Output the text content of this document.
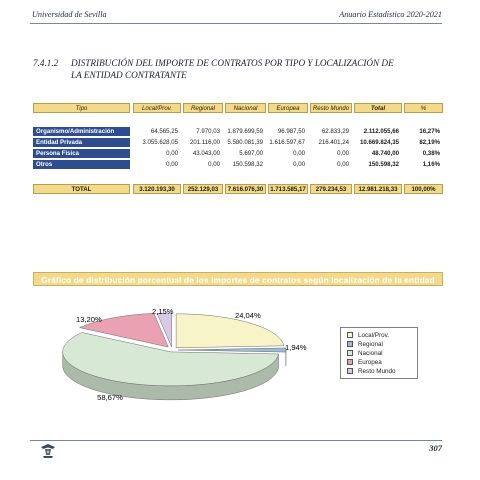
Universidad de Sevilla	Anuario Estadístico 2020-2021
7.4.1.2 DISTRIBUCIÓN DEL IMPORTE DE CONTRATOS POR TIPO Y LOCALIZACIÓN DE LA ENTIDAD CONTRATANTE
Tipo	Local/Prov.	Regional	Nacional	Europea	Resto Mundo	Total	%
Organismo/Administración	64.565,25	7.970,03	1.879.699,59	96.987,50	62.833,29	2.112.055,66	16,27%
Entidad Privada	3.055.628,05	201.116,00	5.580.081,39	1.616.597,67	216.401,24	10.669.824,35	82,19%
Persona Física	0,00	43.043,00	5.697,00	0,00	0,00	48.740,00	0,38%
Otros	0,00	0,00	150.598,32	0,00	0,00	150.598,32	1,16%
TOTAL	3.120.193,30	252.129,03	7.616.076,30	1.713.585,17	279.234,53	12.981.218,33	100,00%
Gráfico de distribución porcentual de los importes de contratos según localización de la entidad contratante
24,04%
1,94%
58,67%
13,20%
2,15%
Local/Prov.
Regional
Nacional
Europea
Resto Mundo
307
